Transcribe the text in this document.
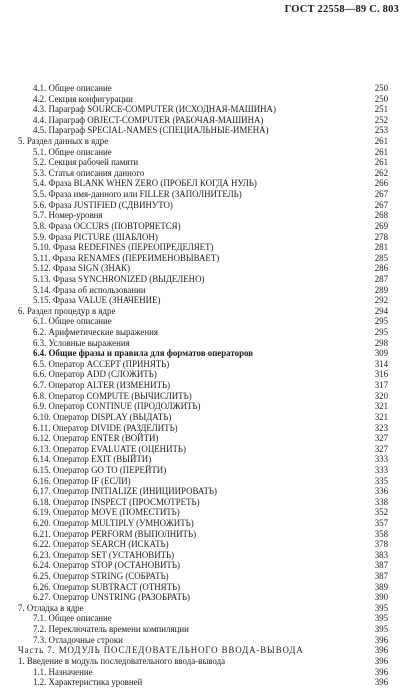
ГОСТ 22558—89 С. 803
4.1. Общее описание	250
4.2. Секция конфигурации	250
4.3. Параграф SOURCE-COMPUTER (ИСХОДНАЯ-МАШИНА)	251
4.4. Параграф OBJECT-COMPUTER (РАБОЧАЯ-МАШИНА)	252
4.5. Параграф SPECIAL-NAMES (СПЕЦИАЛЬНЫЕ-ИМЕНА)	253
5. Раздел данных в ядре	261
5.1. Общее описание	261
5.2. Секция рабочей памяти	261
5.3. Статья описания данного	262
5.4. Фраза BLANK WHEN ZERO (ПРОБЕЛ КОГДА НУЛЬ)	266
5.5. Фраза имя-данного или FILLER (ЗАПОЛНИТЕЛЬ)	267
5.6. Фраза JUSTIFIED (СДВИНУТО)	267
5.7. Номер-уровня	268
5.8. Фраза OCCURS (ПОВТОРЯЕТСЯ)	269
5.9. Фраза PICTURE (ШАБЛОН)	278
5.10. Фраза REDEFINES (ПЕРЕОПРЕДЕЛЯЕТ)	281
5.11. Фраза RENAMES (ПЕРЕИМЕНОВЫВАЕТ)	285
5.12. Фраза SIGN (ЗНАК)	286
5.13. Фраза SYNCHRONIZED (ВЫДЕЛЕНО)	287
5.14. Фраза об использовании	289
5.15. Фраза VALUE (ЗНАЧЕНИЕ)	292
6. Раздел процедур в ядре	294
6.1. Общее описание	295
6.2. Арифметические выражения	295
6.3. Условные выражения	298
6.4. Общие фразы и правила для форматов операторов	309
6.5. Оператор ACCEPT (ПРИНЯТЬ)	314
6.6. Оператор ADD (СЛОЖИТЬ)	316
6.7. Оператор ALTER (ИЗМЕНИТЬ)	317
6.8. Оператор COMPUTE (ВЫЧИСЛИТЬ)	320
6.9. Оператор CONTINUE (ПРОДОЛЖИТЬ)	321
6.10. Оператор DISPLAY (ВЫДАТЬ)	321
6.11. Оператор DIVIDE (РАЗДЕЛИТЬ)	323
6.12. Оператор ENTER (ВОЙТИ)	327
6.13. Оператор EVALUATE (ОЦЕНИТЬ)	327
6.14. Оператор EXIT (ВЫЙТИ)	333
6.15. Оператор GO TO (ПЕРЕЙТИ)	333
6.16. Оператор IF (ЕСЛИ)	335
6.17. Оператор INITIALIZE (ИНИЦИИРОВАТЬ)	336
6.18. Оператор INSPECT (ПРОСМОТРЕТЬ)	338
6.19. Оператор MOVE (ПОМЕСТИТЬ)	352
6.20. Оператор MULTIPLY (УМНОЖИТЬ)	357
6.21. Оператор PERFORM (ВЫПОЛНИТЬ)	358
6.22. Оператор SEARCH (ИСКАТЬ)	378
6.23. Оператор SET (УСТАНОВИТЬ)	383
6.24. Оператор STOP (ОСТАНОВИТЬ)	387
6.25. Оператор STRING (СОБРАТЬ)	387
6.26. Оператор SUBTRACT (ОТНЯТЬ)	389
6.27. Оператор UNSTRING (РАЗОБРАТЬ)	390
7. Отладка в ядре	395
7.1. Общее описание	395
7.2. Переключатель времени компиляции	395
7.3. Отладочные строки	396
Часть 7. МОДУЛЬ ПОСЛЕДОВАТЕЛЬНОГО ВВОДА-ВЫВОДА	396
1. Введение в модуль последовательного ввода-вывода	396
1.1. Назначение	396
1.2. Характеристика уровней	396
